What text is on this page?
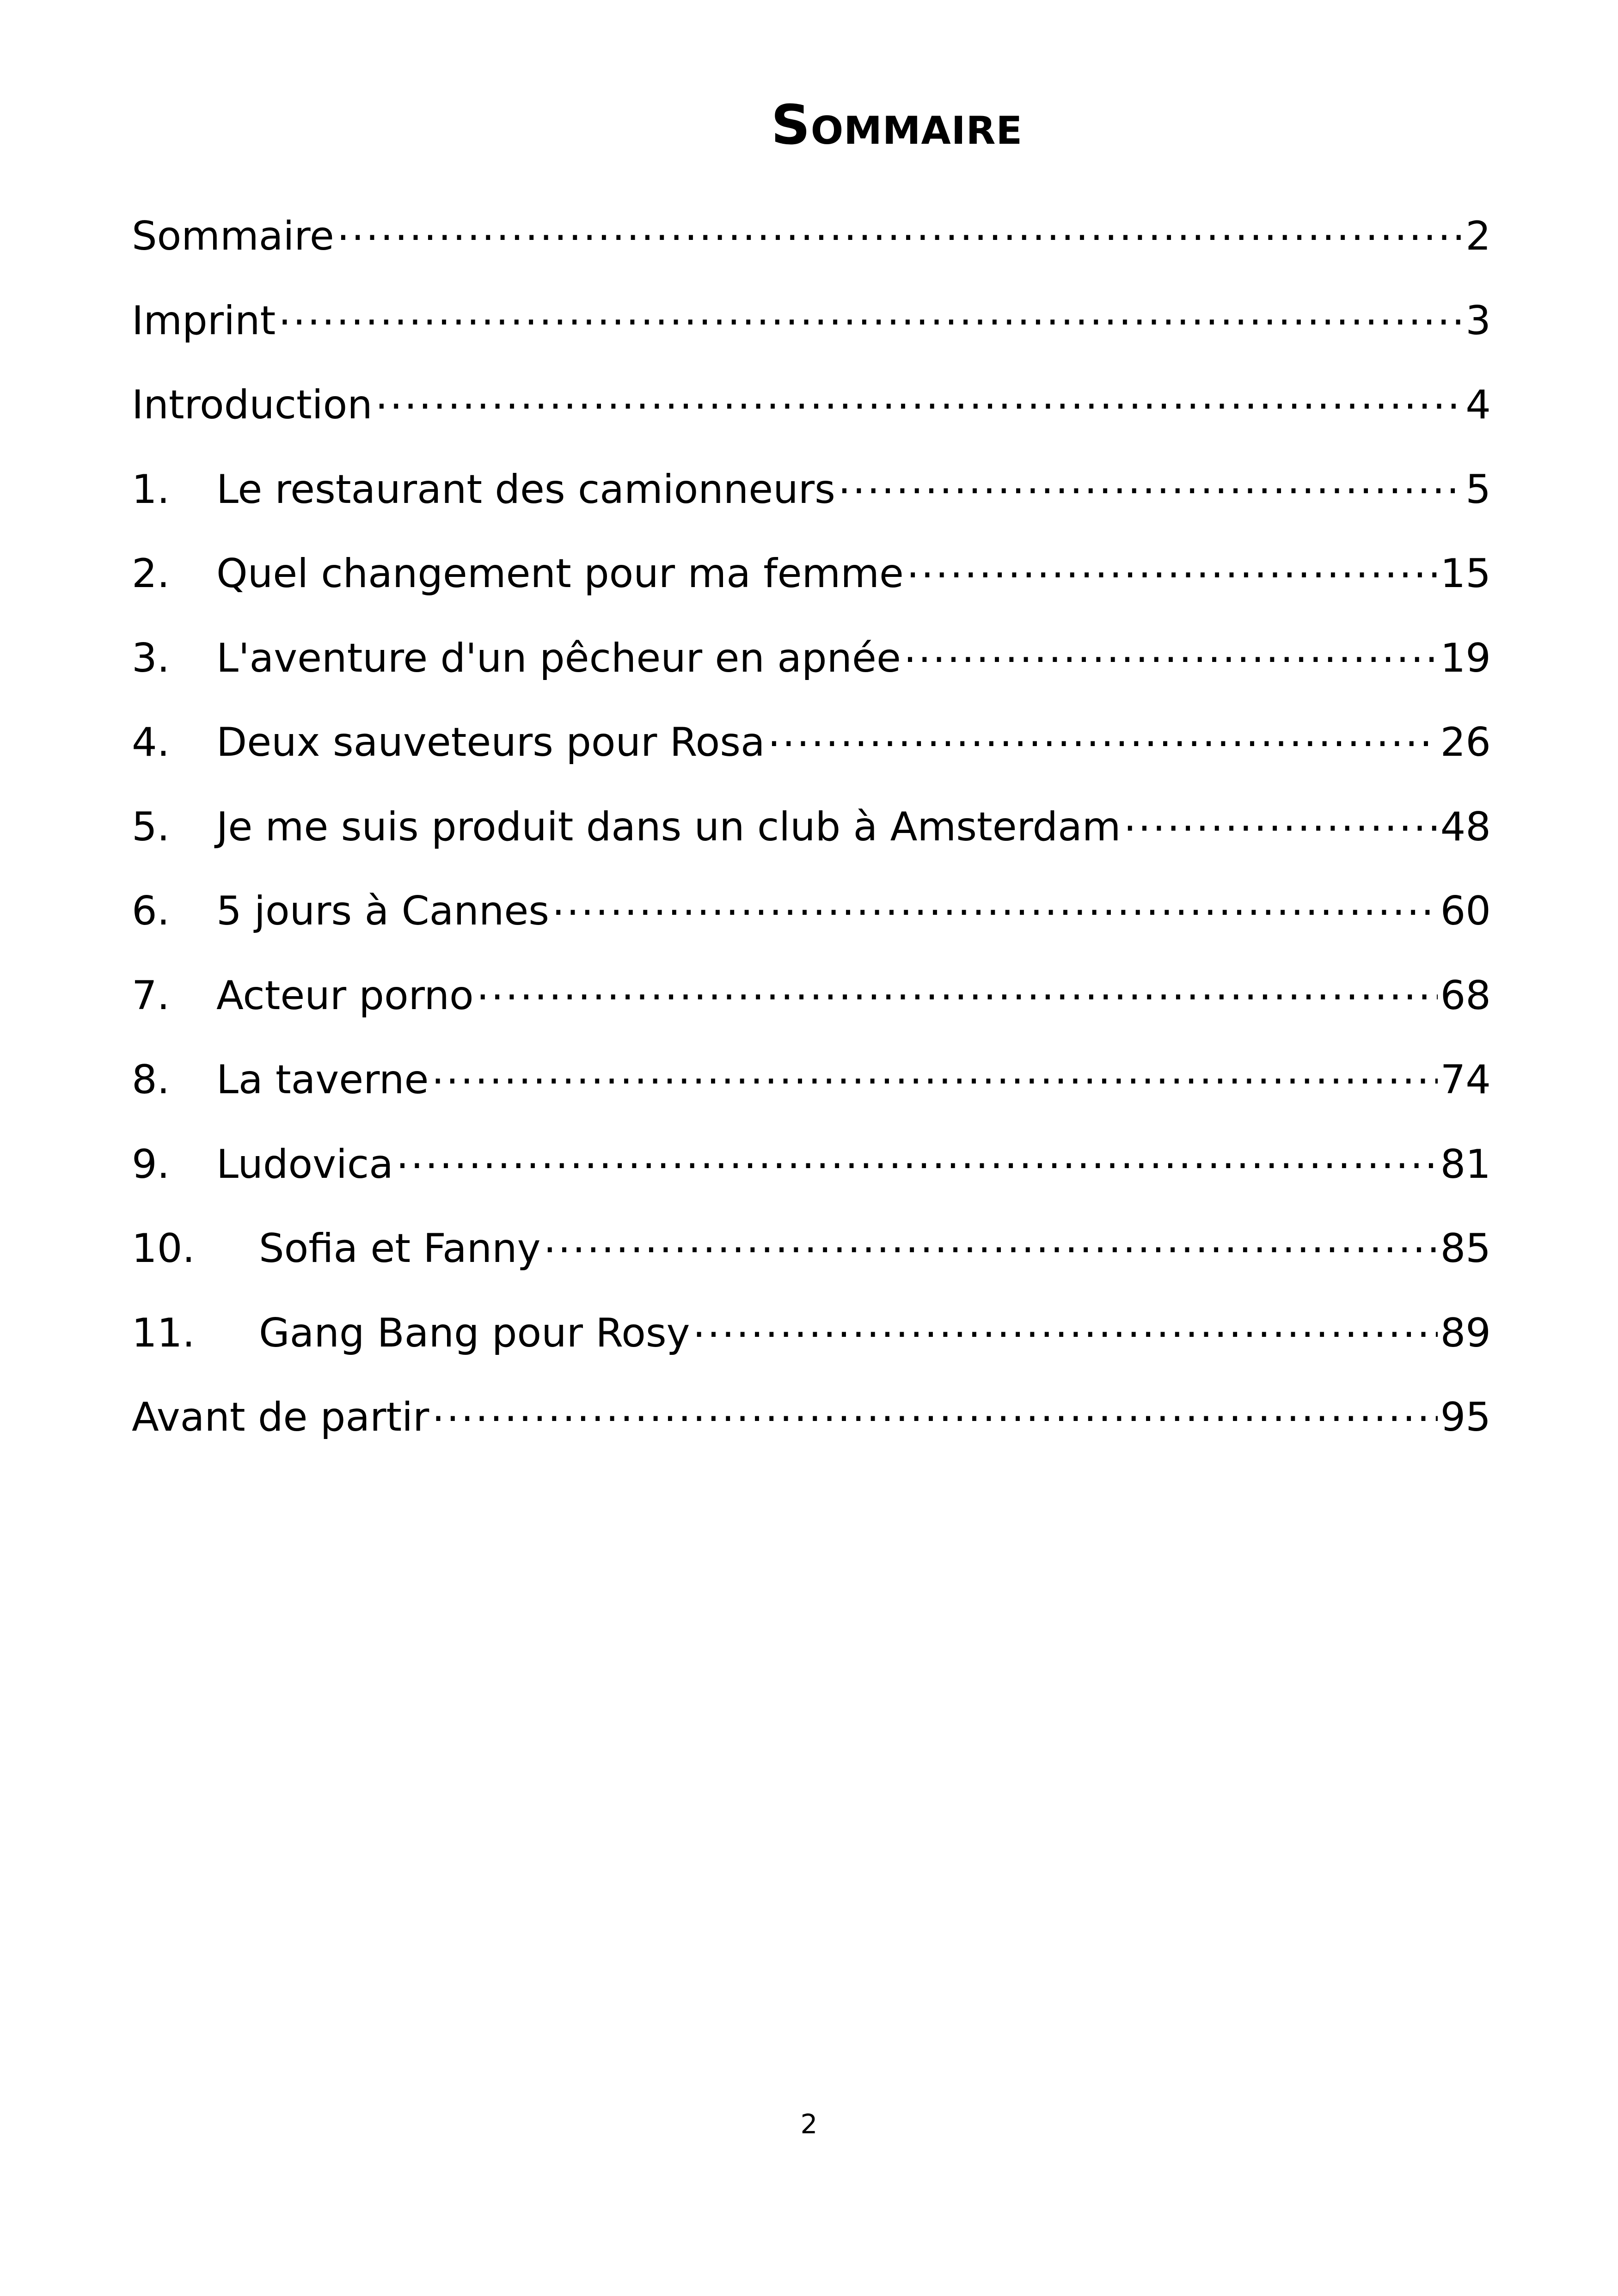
Sommaire
Sommaire .....	2
Imprint .....	3
Introduction .....	4
1.	Le restaurant des camionneurs .....	5
2.	Quel changement pour ma femme .....	15
3.	L'aventure d'un pêcheur en apnée .....	19
4.	Deux sauveteurs pour Rosa .....	26
5.	Je me suis produit dans un club à Amsterdam .....	48
6.	5 jours à Cannes .....	60
7.	Acteur porno .....	68
8.	La taverne .....	74
9.	Ludovica .....	81
10.	Sofia et Fanny .....	85
11.	Gang Bang pour Rosy .....	89
Avant de partir .....	95
2
